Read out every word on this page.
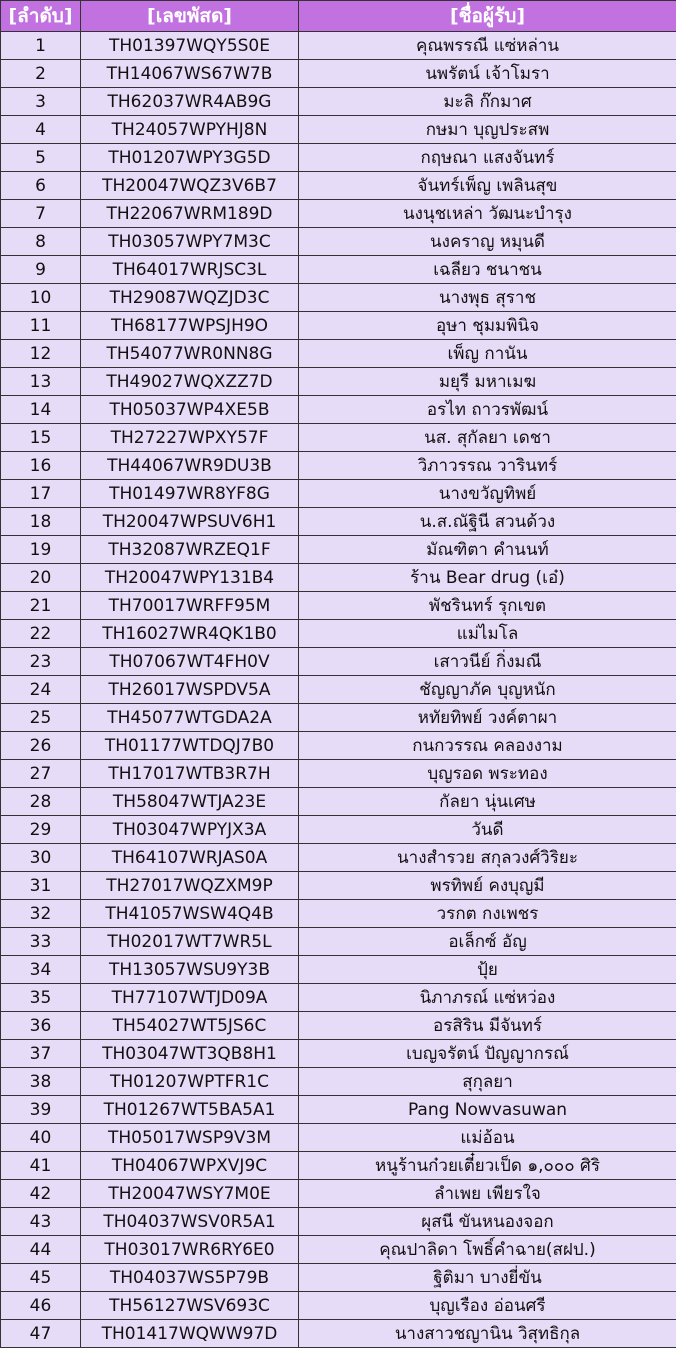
[ลำดับ]	[เลขพัสด]	[ชื่อผู้รับ]
1	TH01397WQY5S0E	คุณพรรณี แซ่หล่าน
2	TH14067WS67W7B	นพรัตน์ เจ้าโมรา
3	TH62037WR4AB9G	มะลิ ก๊กมาศ
4	TH24057WPYHJ8N	กษมา บุญประสพ
5	TH01207WPY3G5D	กฤษณา แสงจันทร์
6	TH20047WQZ3V6B7	จันทร์เพ็ญ เพลินสุข
7	TH22067WRM189D	นงนุชเหล่า วัฒนะบำรุง
8	TH03057WPY7M3C	นงคราญ หมุนดี
9	TH64017WRJSC3L	เฉลียว ชนาชน
10	TH29087WQZJD3C	นางพุธ สุราช
11	TH68177WPSJH9O	อุษา ชุมมพินิจ
12	TH54077WR0NN8G	เพ็ญ กานัน
13	TH49027WQXZZ7D	มยุรี มหาเมฆ
14	TH05037WP4XE5B	อรไท ถาวรพัฒน์
15	TH27227WPXY57F	นส. สุกัลยา เดชา
16	TH44067WR9DU3B	วิภาวรรณ วารินทร์
17	TH01497WR8YF8G	นางขวัญทิพย์
18	TH20047WPSUV6H1	น.ส.ณัฐินี สวนด้วง
19	TH32087WRZEQ1F	มัณฑิตา คำนนท์
20	TH20047WPY131B4	ร้าน Bear drug (เอ๋)
21	TH70017WRFF95M	พัชรินทร์ รุกเขต
22	TH16027WR4QK1B0	แม่ไมโล
23	TH07067WT4FH0V	เสาวนีย์ กิ่งมณี
24	TH26017WSPDV5A	ชัญญาภัค บุญหนัก
25	TH45077WTGDA2A	หทัยทิพย์ วงค์ตาผา
26	TH01177WTDQJ7B0	กนกวรรณ คลองงาม
27	TH17017WTB3R7H	บุญรอด พระทอง
28	TH58047WTJA23E	กัลยา นุ่นเศษ
29	TH03047WPYJX3A	วันดี
30	TH64107WRJAS0A	นางสำรวย สกุลวงศ์วิริยะ
31	TH27017WQZXM9P	พรทิพย์ คงบุญมี
32	TH41057WSW4Q4B	วรกต กงเพชร
33	TH02017WT7WR5L	อเล็กซ์ อัญ
34	TH13057WSU9Y3B	ปุ้ย
35	TH77107WTJD09A	นิภาภรณ์ แซ่หว่อง
36	TH54027WT5JS6C	อรสิริน มีจันทร์
37	TH03047WT3QB8H1	เบญจรัตน์ ปัญญากรณ์
38	TH01207WPTFR1C	สุกุลยา
39	TH01267WT5BA5A1	Pang Nowvasuwan
40	TH05017WSP9V3M	แม่อ้อน
41	TH04067WPXVJ9C	หนูร้านก๋วยเตี๋ยวเป็ด ๑,๐๐๐ ศิริ
42	TH20047WSY7M0E	ลำเพย เพียรใจ
43	TH04037WSV0R5A1	ผุสนี ขันหนองจอก
44	TH03017WR6RY6E0	คุณปาลิดา โพธิ์คำฉาย(สฝป.)
45	TH04037WS5P79B	ฐิติมา บางยี่ขัน
46	TH56127WSV693C	บุญเรือง อ่อนศรี
47	TH01417WQWW97D	นางสาวชญานิน วิสุทธิกุล
